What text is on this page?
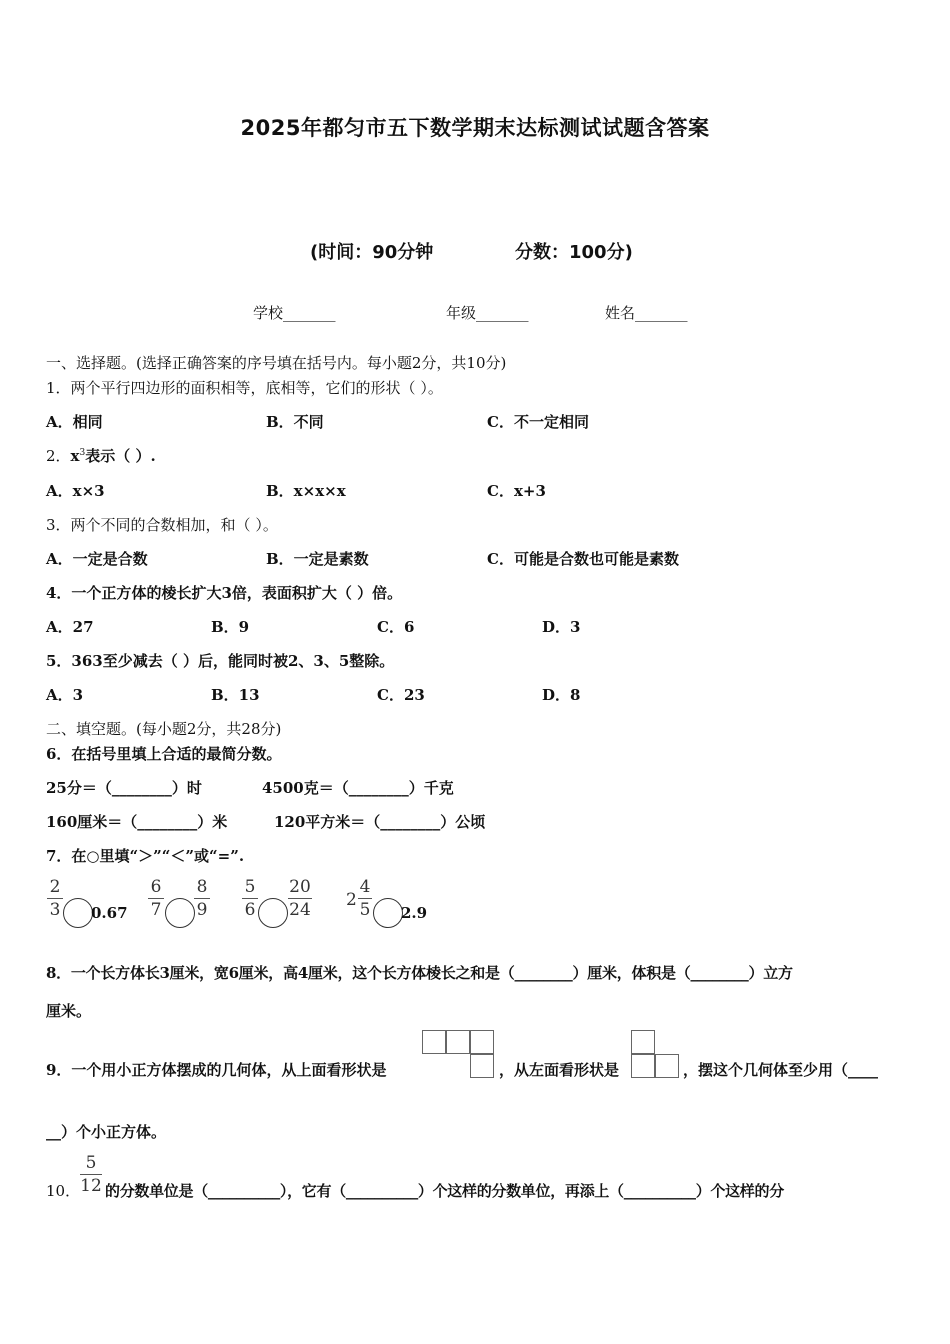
2025年都匀市五下数学期末达标测试试题含答案
(时间：90分钟	分数：100分)
学校_______	年级_______	姓名_______
一、选择题。(选择正确答案的序号填在括号内。每小题2分，共10分)
1．两个平行四边形的面积相等，底相等，它们的形状（ ）。
A．相同	B．不同	C．不一定相同
2．$x^3$表示（ ）.
A．x×3	B．x×x×x	C．x+3
3．两个不同的合数相加，和（ ）。
A．一定是合数	B．一定是素数	C．可能是合数也可能是素数
4．一个正方体的棱长扩大3倍，表面积扩大（ ）倍。
A．27	B．9	C．6	D．3
5．363至少减去（ ）后，能同时被2、3、5整除。
A．3	B．13	C．23	D．8
二、填空题。(每小题2分，共28分)
6．在括号里填上合适的最简分数。
25分＝（________）时	4500克＝（________）千克
160厘米＝（________）米	120平方米＝（________）公顷
7．在○里填“＞”“＜”或“=”.
2
3 0.67
6
7
8
9
5
6
20
24 2
4
5 2.9
8．一个长方体长3厘米，宽6厘米，高4厘米，这个长方体棱长之和是（________）厘米，体积是（________）立方
厘米。
9．一个用小正方体摆成的几何体，从上面看形状是	，从左面看形状是	，摆这个几何体至少用（____
__）个小正方体。
10．
5
12 的分数单位是（__________），它有（__________）个这样的分数单位，再添上（__________）个这样的分
